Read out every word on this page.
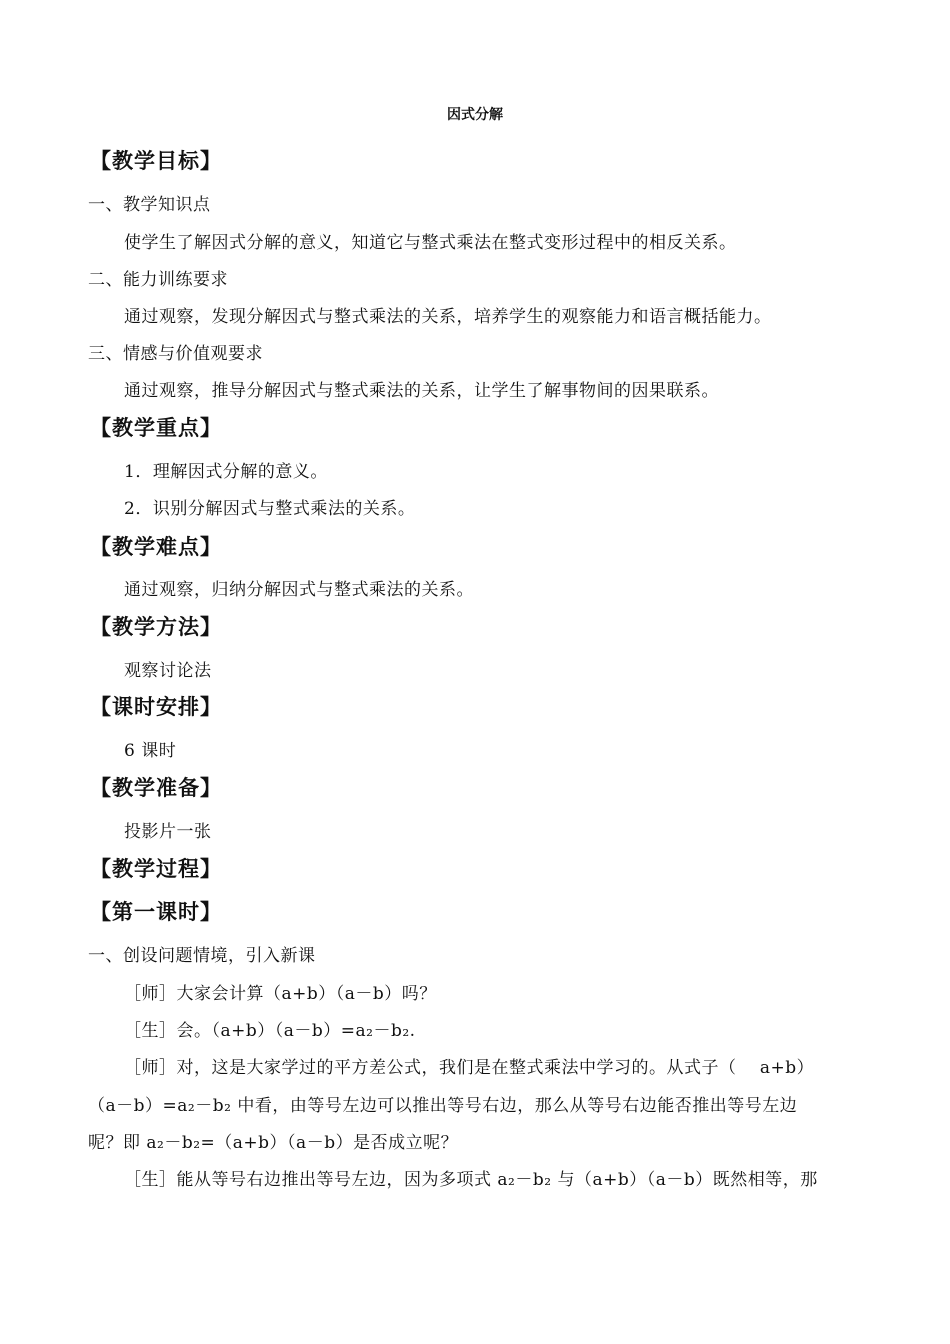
因式分解
【教学目标】
一、教学知识点
使学生了解因式分解的意义，知道它与整式乘法在整式变形过程中的相反关系。
二、能力训练要求
通过观察，发现分解因式与整式乘法的关系，培养学生的观察能力和语言概括能力。
三、情感与价值观要求
通过观察，推导分解因式与整式乘法的关系，让学生了解事物间的因果联系。
【教学重点】
1．理解因式分解的意义。
2．识别分解因式与整式乘法的关系。
【教学难点】
通过观察，归纳分解因式与整式乘法的关系。
【教学方法】
观察讨论法
【课时安排】
6 课时
【教学准备】
投影片一张
【教学过程】
【第一课时】
一、创设问题情境，引入新课
［师］大家会计算（a+b）（a－b）吗？
［生］会。（a+b）（a－b）=a₂－b₂.
［师］对，这是大家学过的平方差公式，我们是在整式乘法中学习的。从式子（　 a+b）
（a－b）=a₂－b₂ 中看，由等号左边可以推出等号右边，那么从等号右边能否推出等号左边
呢？即 a₂－b₂=（a+b）（a－b）是否成立呢？
［生］能从等号右边推出等号左边，因为多项式 a₂－b₂ 与（a+b）（a－b）既然相等，那
